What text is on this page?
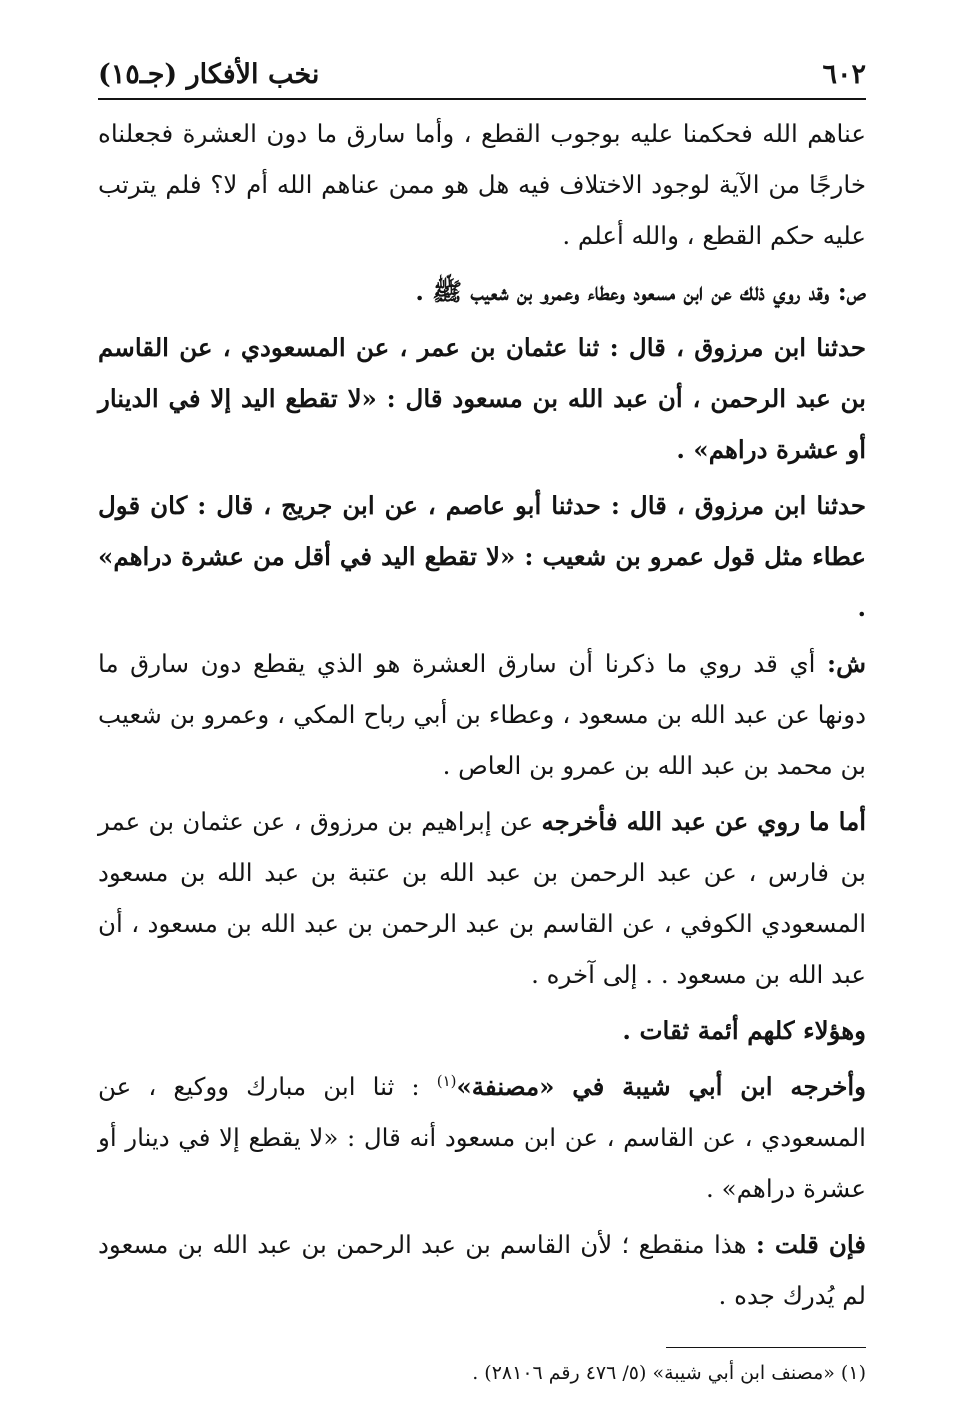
٦٠٢
نخب الأفكار (جـ١٥)

عناهم الله فحكمنا عليه بوجوب القطع ، وأما سارق ما دون العشرة فجعلناه خارجًا من الآية لوجود الاختلاف فيه هل هو ممن عناهم الله أم لا؟ فلم يترتب عليه حكم القطع ، والله أعلم .

ص: وقد روي ذلك عن ابن مسعود وعطاء وعمرو بن شعيب ﷺ .

حدثنا ابن مرزوق ، قال : ثنا عثمان بن عمر ، عن المسعودي ، عن القاسم بن عبد الرحمن ، أن عبد الله بن مسعود قال : «لا تقطع اليد إلا في الدينار أو عشرة دراهم» .

حدثنا ابن مرزوق ، قال : حدثنا أبو عاصم ، عن ابن جريج ، قال : كان قول عطاء مثل قول عمرو بن شعيب : «لا تقطع اليد في أقل من عشرة دراهم» .

ش: أي قد روي ما ذكرنا أن سارق العشرة هو الذي يقطع دون سارق ما دونها عن عبد الله بن مسعود ، وعطاء بن أبي رباح المكي ، وعمرو بن شعيب بن محمد بن عبد الله بن عمرو بن العاص .

أما ما روي عن عبد الله فأخرجه عن إبراهيم بن مرزوق ، عن عثمان بن عمر بن فارس ، عن عبد الرحمن بن عبد الله بن عتبة بن عبد الله بن مسعود المسعودي الكوفي ، عن القاسم بن عبد الرحمن بن عبد الله بن مسعود ، أن عبد الله بن مسعود . . إلى آخره .

وهؤلاء كلهم أئمة ثقات .

وأخرجه ابن أبي شيبة في «مصنفة»$^{(١)}$ : ثنا ابن مبارك ووكيع ، عن المسعودي ، عن القاسم ، عن ابن مسعود أنه قال : «لا يقطع إلا في دينار أو عشرة دراهم» .

فإن قلت : هذا منقطع ؛ لأن القاسم بن عبد الرحمن بن عبد الله بن مسعود لم يُدرك جده .

(١) «مصنف ابن أبي شيبة» (٥/ ٤٧٦ رقم ٢٨١٠٦) .
